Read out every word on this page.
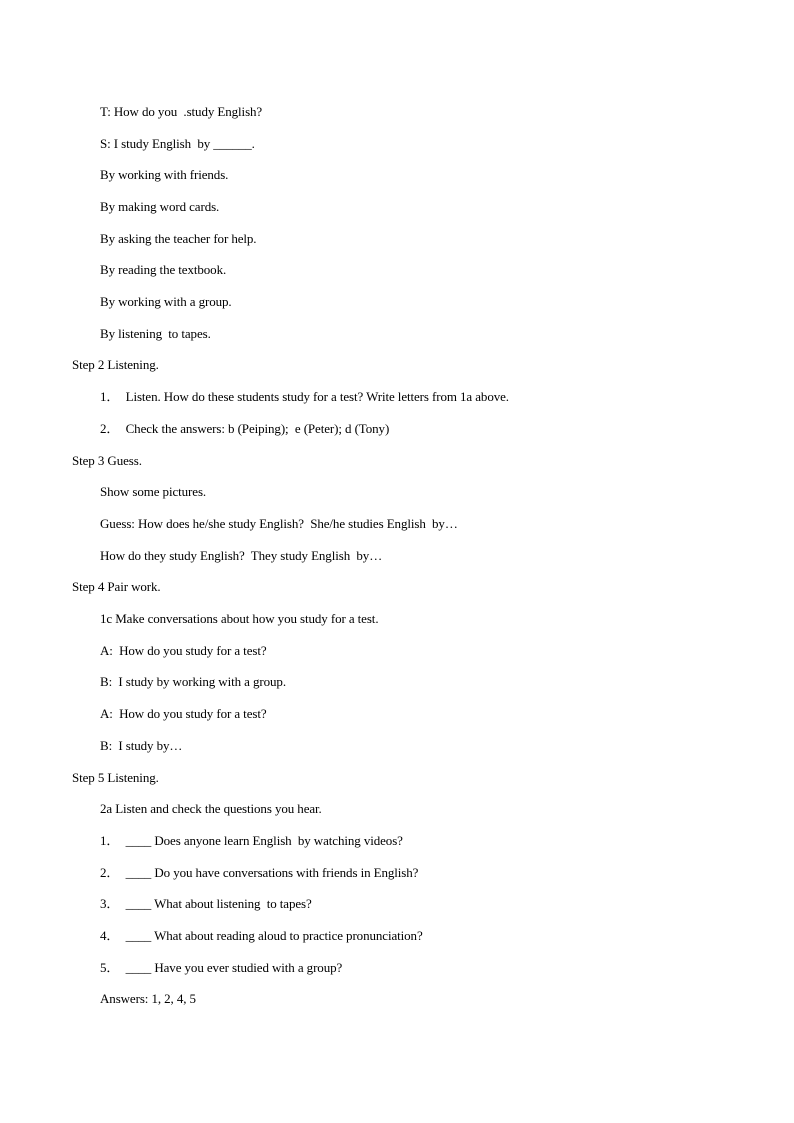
T: How do you  .study English?
S: I study English  by ______.
By working with friends.
By making word cards.
By asking the teacher for help.
By reading the textbook.
By working with a group.
By listening  to tapes.
Step 2 Listening.
1．  Listen. How do these students study for a test? Write letters from 1a above.
2．  Check the answers: b (Peiping);  e (Peter); d (Tony)
Step 3 Guess.
Show some pictures.
Guess: How does he/she study English?  She/he studies English  by…
How do they study English?  They study English  by…
Step 4 Pair work.
1c Make conversations about how you study for a test.
A:  How do you study for a test?
B:  I study by working with a group.
A:  How do you study for a test?
B:  I study by…
Step 5 Listening.
2a Listen and check the questions you hear.
1．  ____ Does anyone learn English  by watching videos?
2．  ____ Do you have conversations with friends in English?
3．  ____ What about listening  to tapes?
4．  ____ What about reading aloud to practice pronunciation?
5．  ____ Have you ever studied with a group?
Answers: 1, 2, 4, 5
